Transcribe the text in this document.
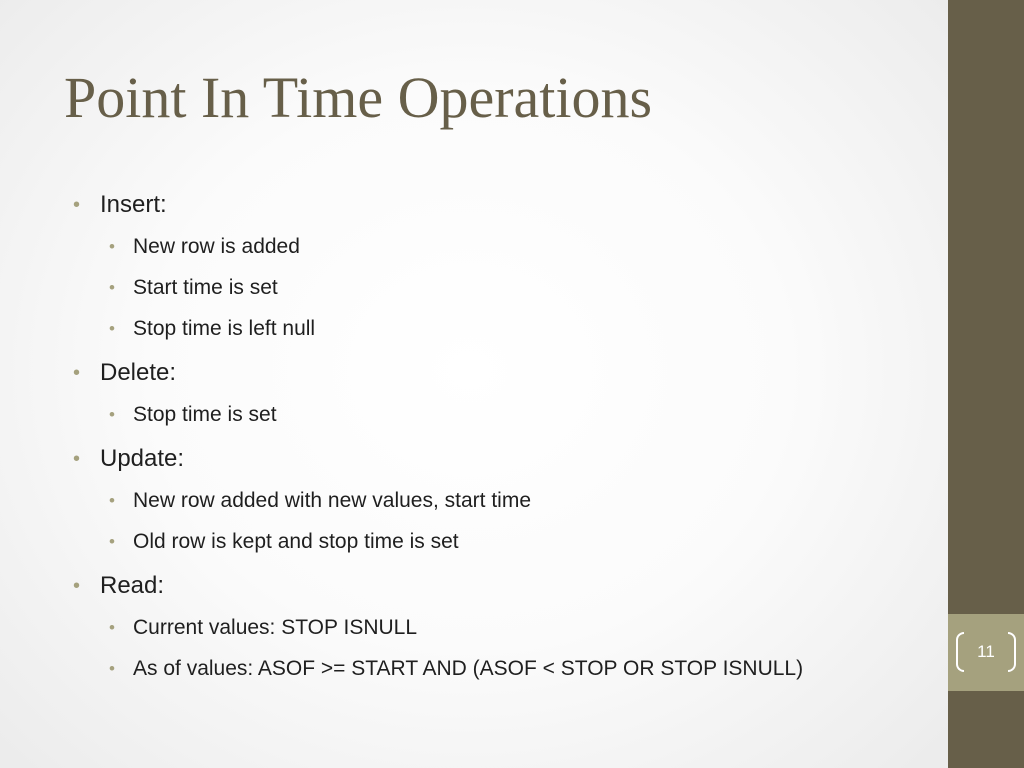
11
Point In Time Operations
• Insert:
• New row is added
• Start time is set
• Stop time is left null
• Delete:
• Stop time is set
• Update:
• New row added with new values, start time
• Old row is kept and stop time is set
• Read:
• Current values: STOP ISNULL
• As of values: ASOF >= START AND (ASOF < STOP OR STOP ISNULL)
